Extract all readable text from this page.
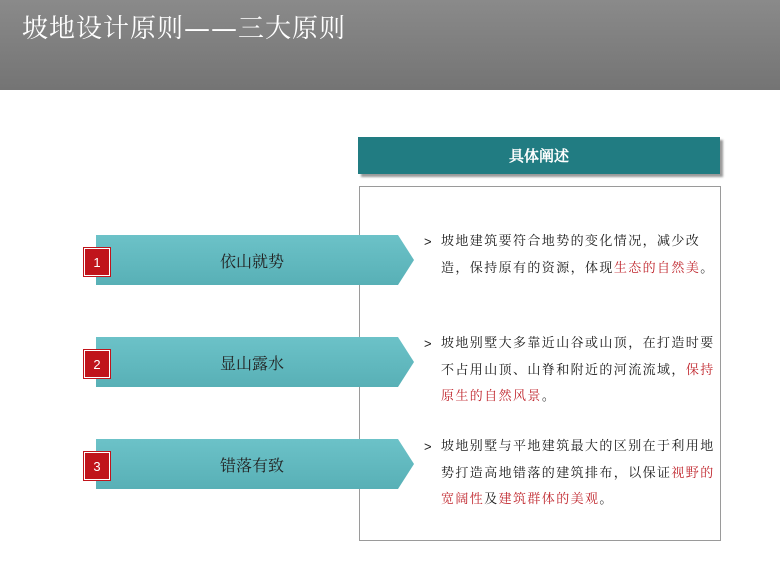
坡地设计原则——三大原则
具体阐述
依山就势
1
显山露水
2
错落有致
3
> 坡地建筑要符合地势的变化情况，减少改造，保持原有的资源，体现生态的自然美。
> 坡地别墅大多靠近山谷或山顶，在打造时要不占用山顶、山脊和附近的河流流域，保持原生的自然风景。
> 坡地别墅与平地建筑最大的区别在于利用地势打造高地错落的建筑排布，以保证视野的宽阔性及建筑群体的美观。
